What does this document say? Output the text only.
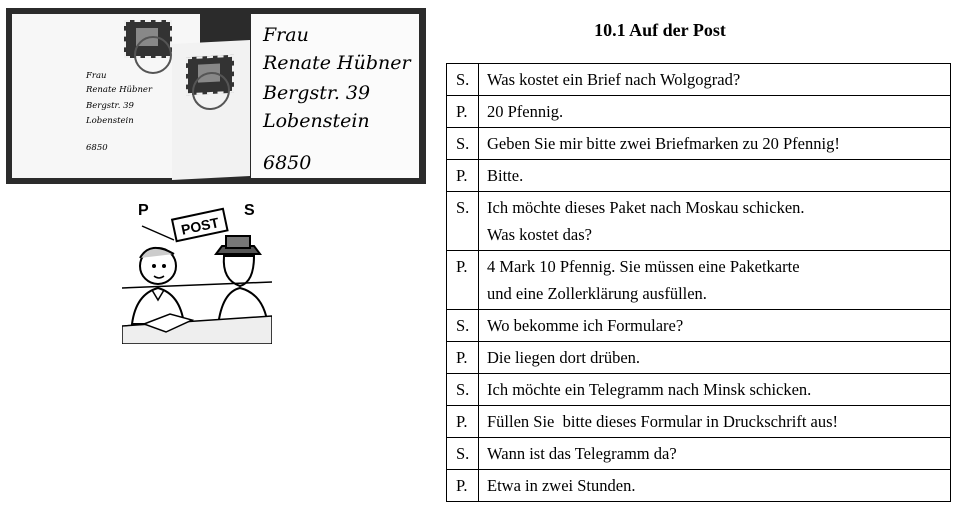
Frau
Renate Hübner
Bergstr. 39
Lobenstein
6850
Frau
Renate Hübner
Bergstr. 39
Lobenstein
6850
P	S
POST
10.1 Auf der Post
S.	Was kostet ein Brief nach Wolgograd?

P.	20 Pfennig.

S.	Geben Sie mir bitte zwei Briefmarken zu 20 Pfennig!

P.	Bitte.

S.	Ich möchte dieses Paket nach Moskau schicken.
Was kostet das?

P.	4 Mark 10 Pfennig. Sie müssen eine Paketkarte
und eine Zollerklärung ausfüllen.

S.	Wo bekomme ich Formulare?

P.	Die liegen dort drüben.

S.	Ich möchte ein Telegramm nach Minsk schicken.

P.	Füllen Sie  bitte dieses Formular in Druckschrift aus!

S.	Wann ist das Telegramm da?

P.	Etwa in zwei Stunden.
